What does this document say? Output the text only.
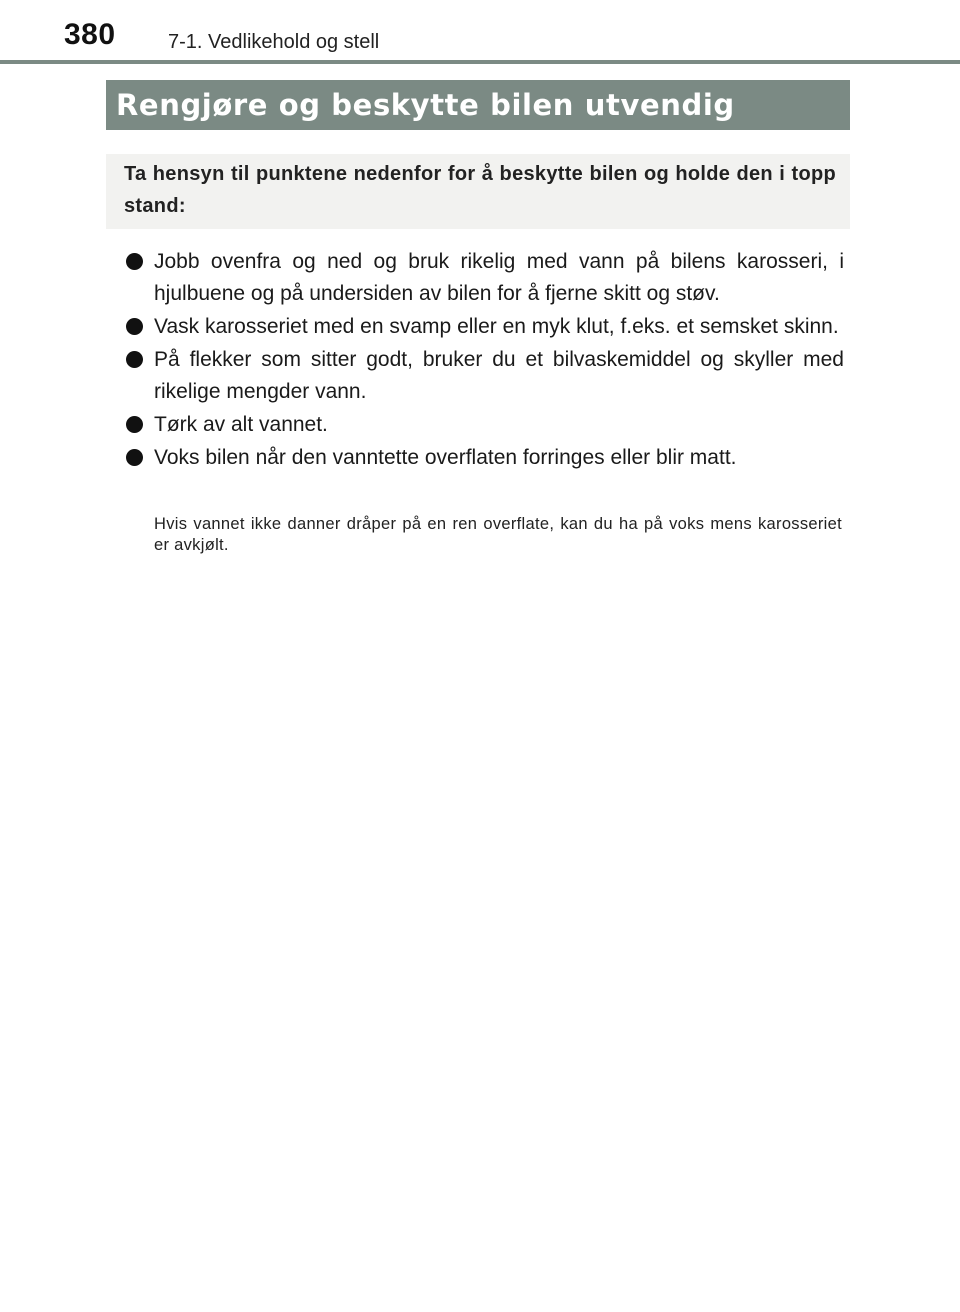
380	7-1. Vedlikehold og stell
Rengjøre og beskytte bilen utvendig

Ta hensyn til punktene nedenfor for å beskytte bilen og holde den i topp stand:

Jobb ovenfra og ned og bruk rikelig med vann på bilens karosseri, i hjulbuene og på undersiden av bilen for å fjerne skitt og støv.
Vask karosseriet med en svamp eller en myk klut, f.eks. et semsket skinn.
På flekker som sitter godt, bruker du et bilvaskemiddel og skyller med rikelige mengder vann.
Tørk av alt vannet.
Voks bilen når den vanntette overflaten forringes eller blir matt.

Hvis vannet ikke danner dråper på en ren overflate, kan du ha på voks mens karosseriet er avkjølt.
